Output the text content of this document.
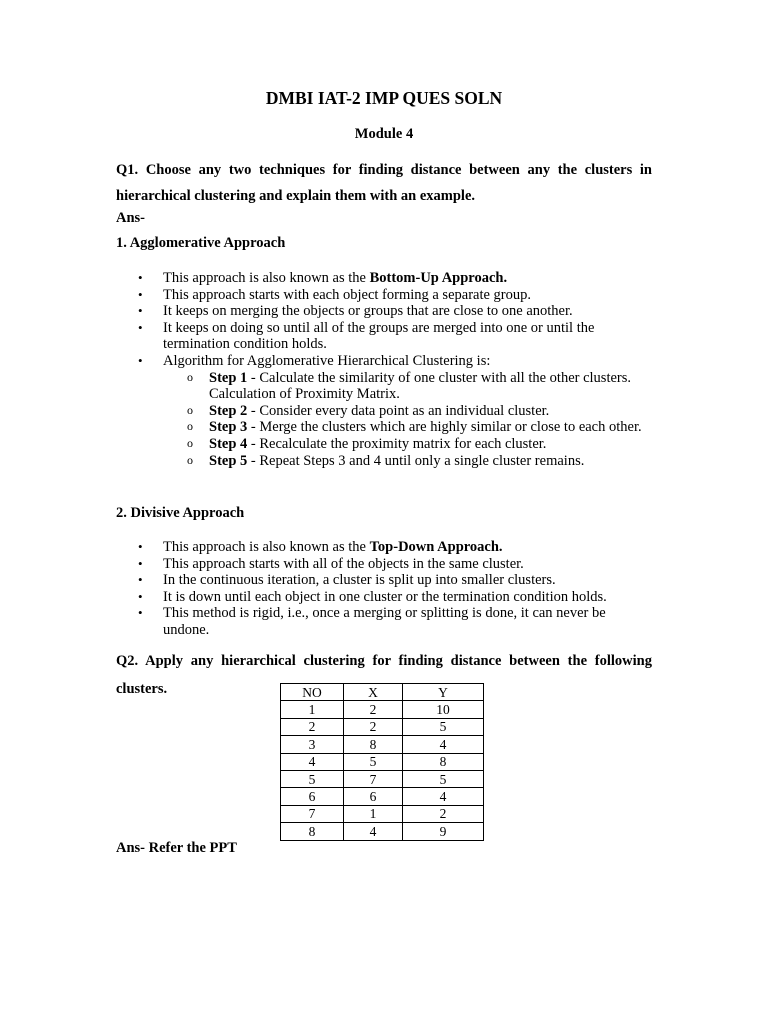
DMBI IAT-2 IMP QUES SOLN
Module 4
Q1. Choose any two techniques for finding distance between any the clusters in
hierarchical clustering and explain them with an example.
Ans-
1. Agglomerative Approach
• This approach is also known as the Bottom-Up Approach.
• This approach starts with each object forming a separate group.
• It keeps on merging the objects or groups that are close to one another.
• It keeps on doing so until all of the groups are merged into one or until the termination condition holds.
• Algorithm for Agglomerative Hierarchical Clustering is:
o Step 1 - Calculate the similarity of one cluster with all the other clusters. Calculation of Proximity Matrix.
o Step 2 - Consider every data point as an individual cluster.
o Step 3 - Merge the clusters which are highly similar or close to each other.
o Step 4 - Recalculate the proximity matrix for each cluster.
o Step 5 - Repeat Steps 3 and 4 until only a single cluster remains.
2. Divisive Approach
• This approach is also known as the Top-Down Approach.
• This approach starts with all of the objects in the same cluster.
• In the continuous iteration, a cluster is split up into smaller clusters.
• It is down until each object in one cluster or the termination condition holds.
• This method is rigid, i.e., once a merging or splitting is done, it can never be undone.
Q2. Apply any hierarchical clustering for finding distance between the following
clusters.	NO	X	Y
1	2	10
2	2	5
3	8	4
4	5	8
5	7	5
6	6	4
7	1	2
8	4	9
Ans- Refer the PPT
